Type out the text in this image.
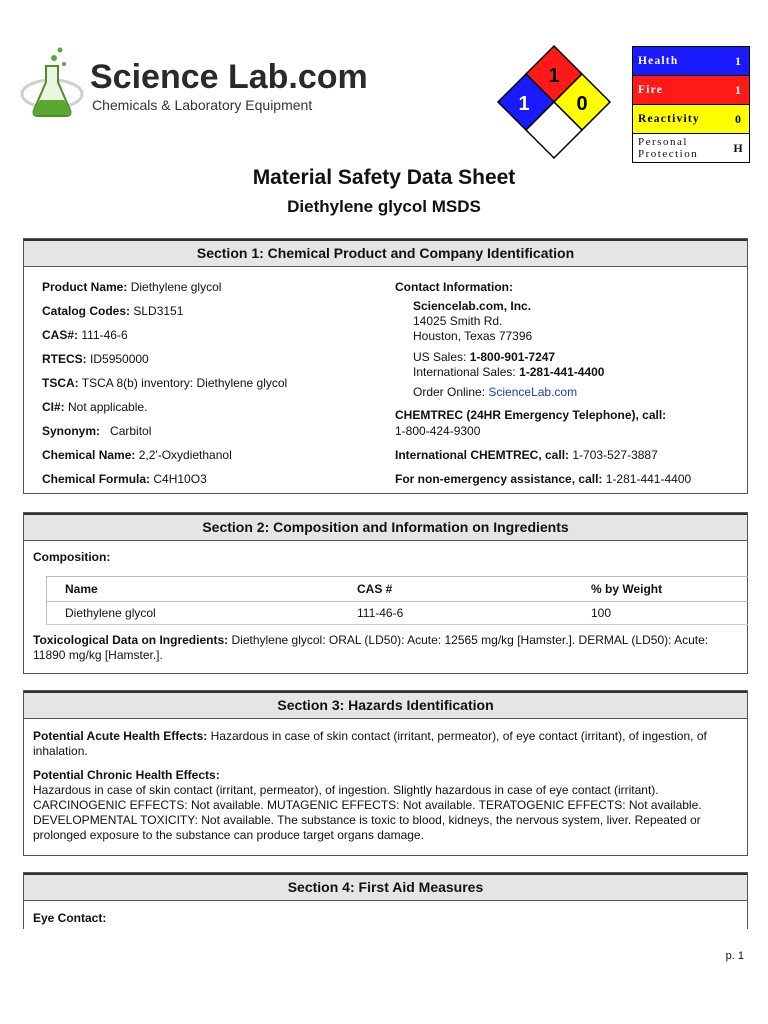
Science Lab.com
Chemicals & Laboratory Equipment
1
1 0
Health	1
Fire	1
Reactivity	0
Personal Protection	H
Material Safety Data Sheet
Diethylene glycol MSDS
Section 1: Chemical Product and Company Identification
Product Name: Diethylene glycol
Catalog Codes: SLD3151
CAS#: 111-46-6
RTECS: ID5950000
TSCA: TSCA 8(b) inventory: Diethylene glycol
CI#: Not applicable.
Synonym: Carbitol
Chemical Name: 2,2'-Oxydiethanol
Chemical Formula: C4H10O3
Contact Information:
Sciencelab.com, Inc.
14025 Smith Rd.
Houston, Texas 77396
US Sales: 1-800-901-7247
International Sales: 1-281-441-4400
Order Online: ScienceLab.com
CHEMTREC (24HR Emergency Telephone), call:
1-800-424-9300
International CHEMTREC, call: 1-703-527-3887
For non-emergency assistance, call: 1-281-441-4400
Section 2: Composition and Information on Ingredients
Composition:
Name	CAS #	% by Weight
Diethylene glycol	111-46-6	100
Toxicological Data on Ingredients: Diethylene glycol: ORAL (LD50): Acute: 12565 mg/kg [Hamster.]. DERMAL (LD50): Acute: 11890 mg/kg [Hamster.].
Section 3: Hazards Identification
Potential Acute Health Effects: Hazardous in case of skin contact (irritant, permeator), of eye contact (irritant), of ingestion, of inhalation.
Potential Chronic Health Effects:
Hazardous in case of skin contact (irritant, permeator), of ingestion. Slightly hazardous in case of eye contact (irritant). CARCINOGENIC EFFECTS: Not available. MUTAGENIC EFFECTS: Not available. TERATOGENIC EFFECTS: Not available. DEVELOPMENTAL TOXICITY: Not available. The substance is toxic to blood, kidneys, the nervous system, liver. Repeated or prolonged exposure to the substance can produce target organs damage.
Section 4: First Aid Measures
Eye Contact:
p. 1
